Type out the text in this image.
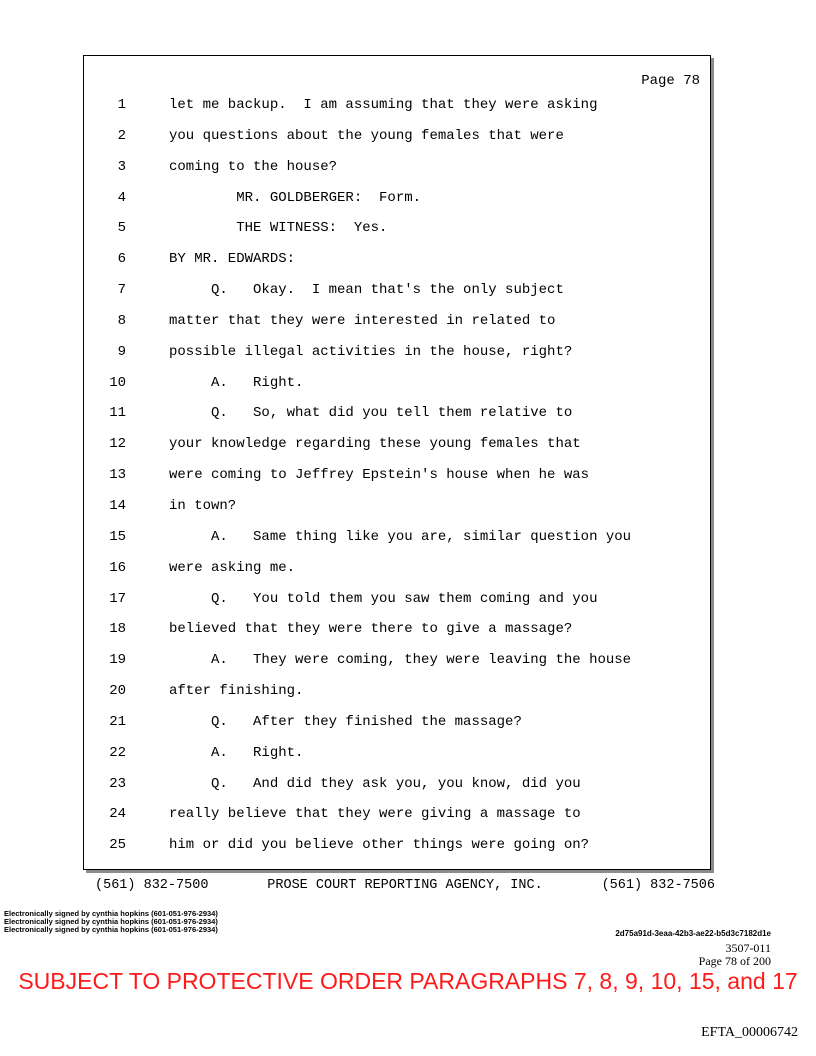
Page 78
1	let me backup.  I am assuming that they were asking
2	you questions about the young females that were
3	coming to the house?
4	MR. GOLDBERGER:  Form.
5	THE WITNESS:  Yes.
6	BY MR. EDWARDS:
7	Q.   Okay.  I mean that's the only subject
8	matter that they were interested in related to
9	possible illegal activities in the house, right?
10	A.   Right.
11	Q.   So, what did you tell them relative to
12	your knowledge regarding these young females that
13	were coming to Jeffrey Epstein's house when he was
14	in town?
15	A.   Same thing like you are, similar question you
16	were asking me.
17	Q.   You told them you saw them coming and you
18	believed that they were there to give a massage?
19	A.   They were coming, they were leaving the house
20	after finishing.
21	Q.   After they finished the massage?
22	A.   Right.
23	Q.   And did they ask you, you know, did you
24	really believe that they were giving a massage to
25	him or did you believe other things were going on?
(561) 832-7500	PROSE COURT REPORTING AGENCY, INC.	(561) 832-7506
Electronically signed by cynthia hopkins (601-051-976-2934)
Electronically signed by cynthia hopkins (601-051-976-2934)
Electronically signed by cynthia hopkins (601-051-976-2934)	2d75a91d-3eaa-42b3-ae22-b5d3c7182d1e
3507-011
Page 78 of 200
SUBJECT TO PROTECTIVE ORDER PARAGRAPHS 7, 8, 9, 10, 15, and 17
EFTA_00006742
